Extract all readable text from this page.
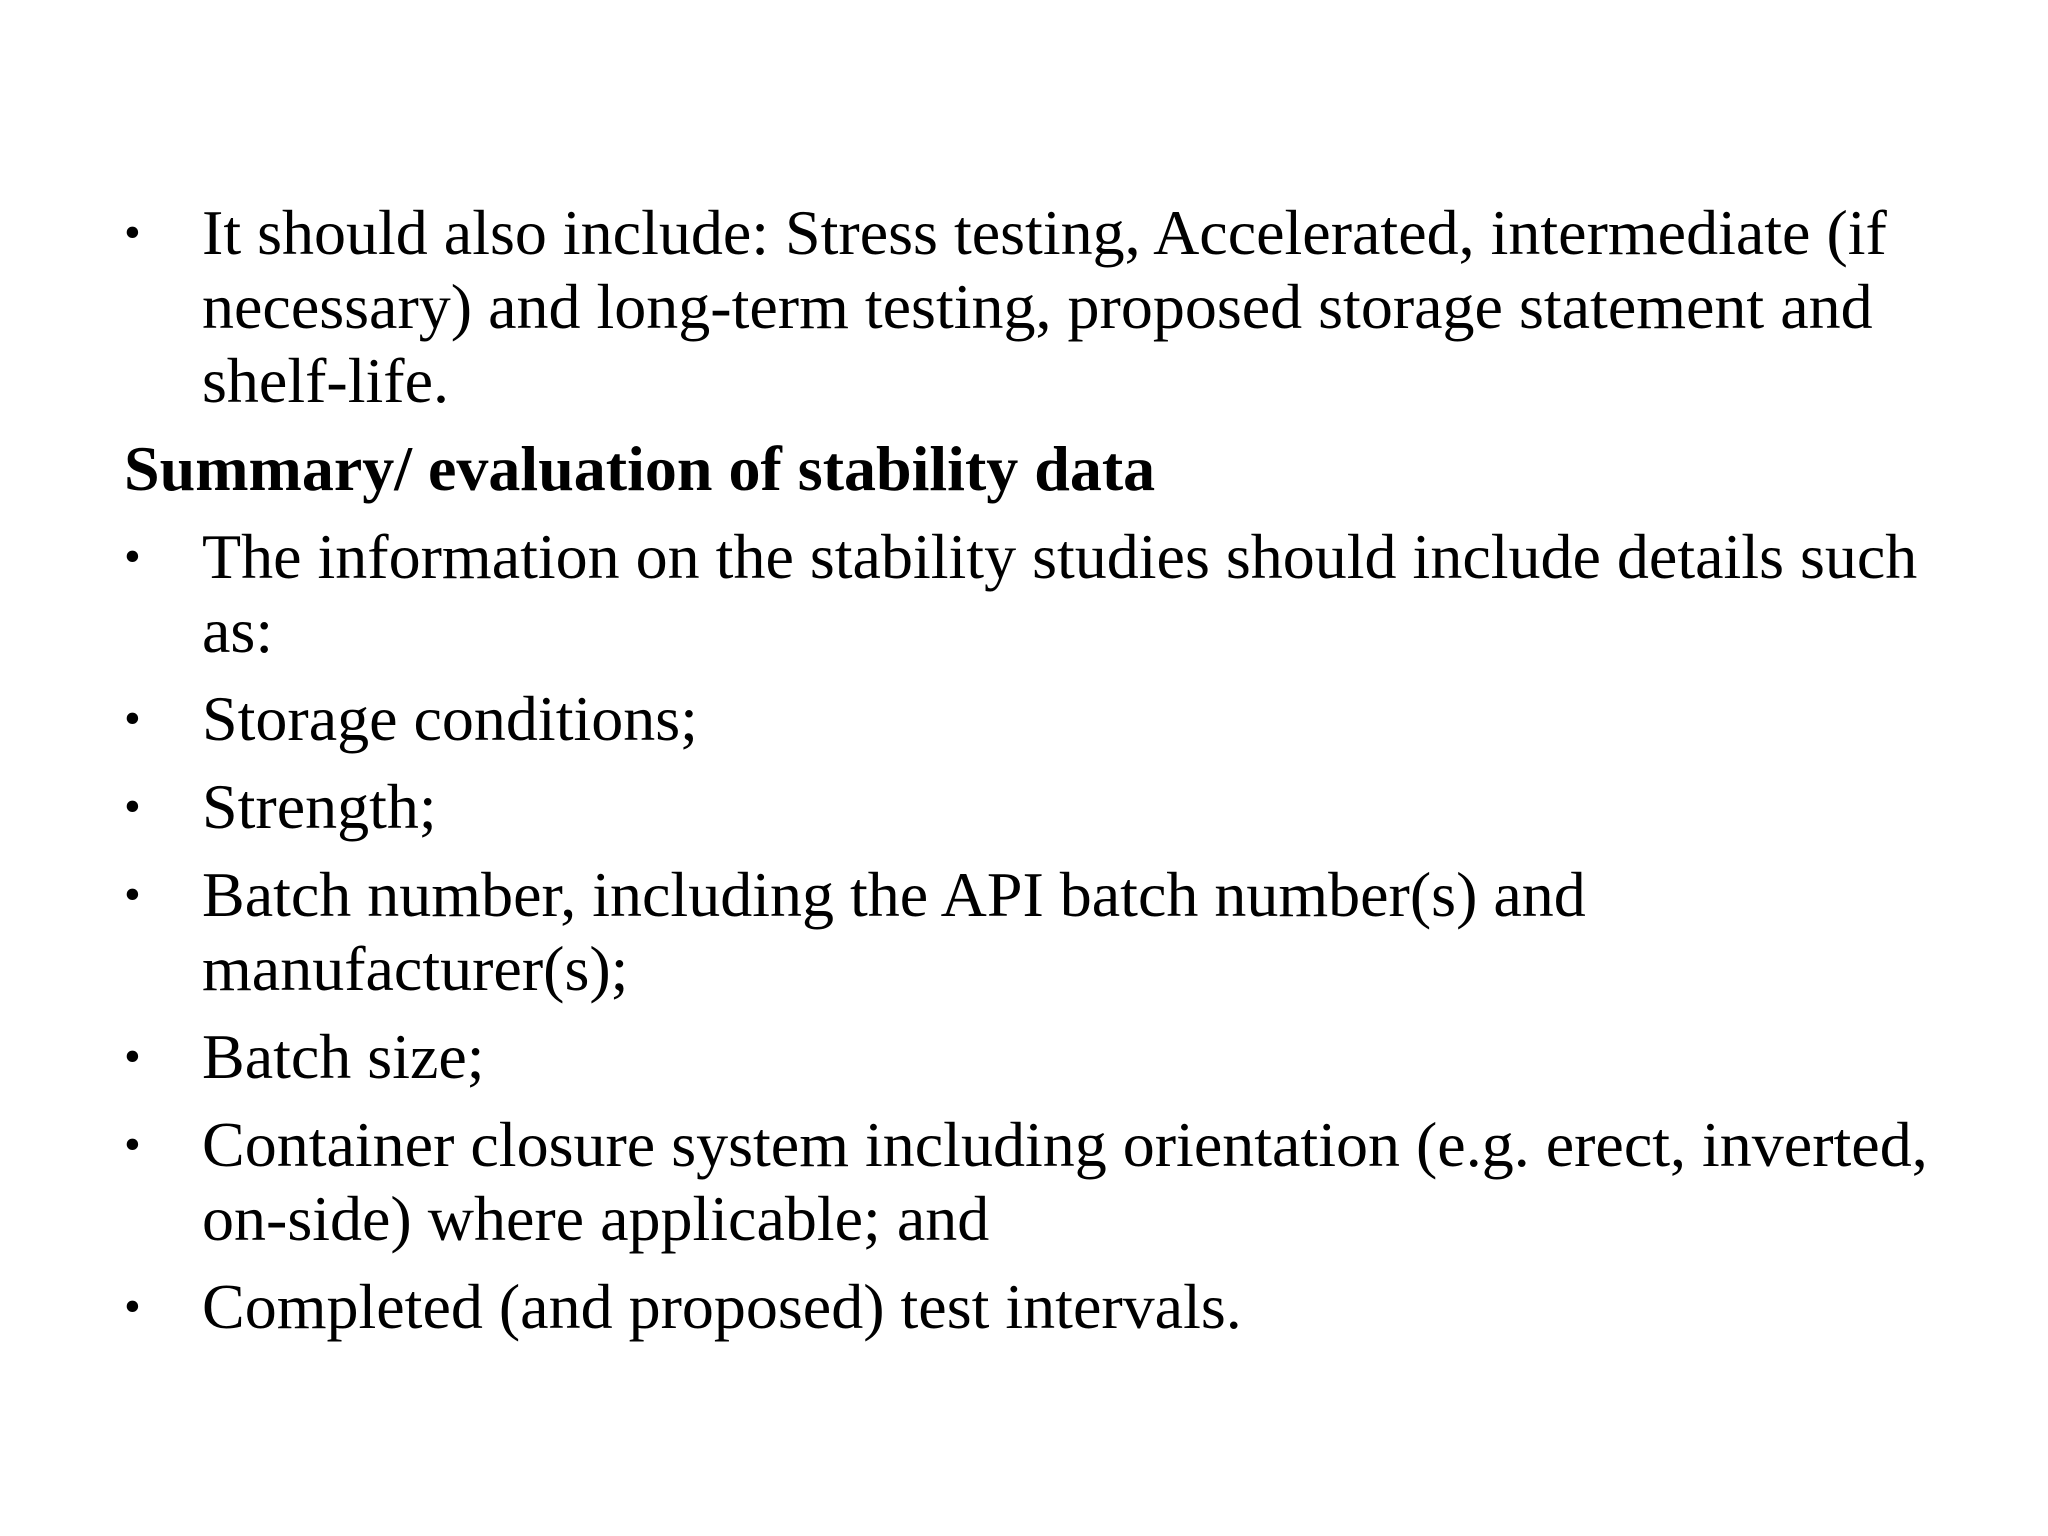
• It should also include: Stress testing, Accelerated, intermediate (if necessary) and long-term testing, proposed storage statement and shelf-life.
Summary/ evaluation of stability data
• The information on the stability studies should include details such as:
• Storage conditions;
• Strength;
• Batch number, including the API batch number(s) and manufacturer(s);
• Batch size;
• Container closure system including orientation (e.g. erect, inverted, on-side) where applicable; and
• Completed (and proposed) test intervals.
